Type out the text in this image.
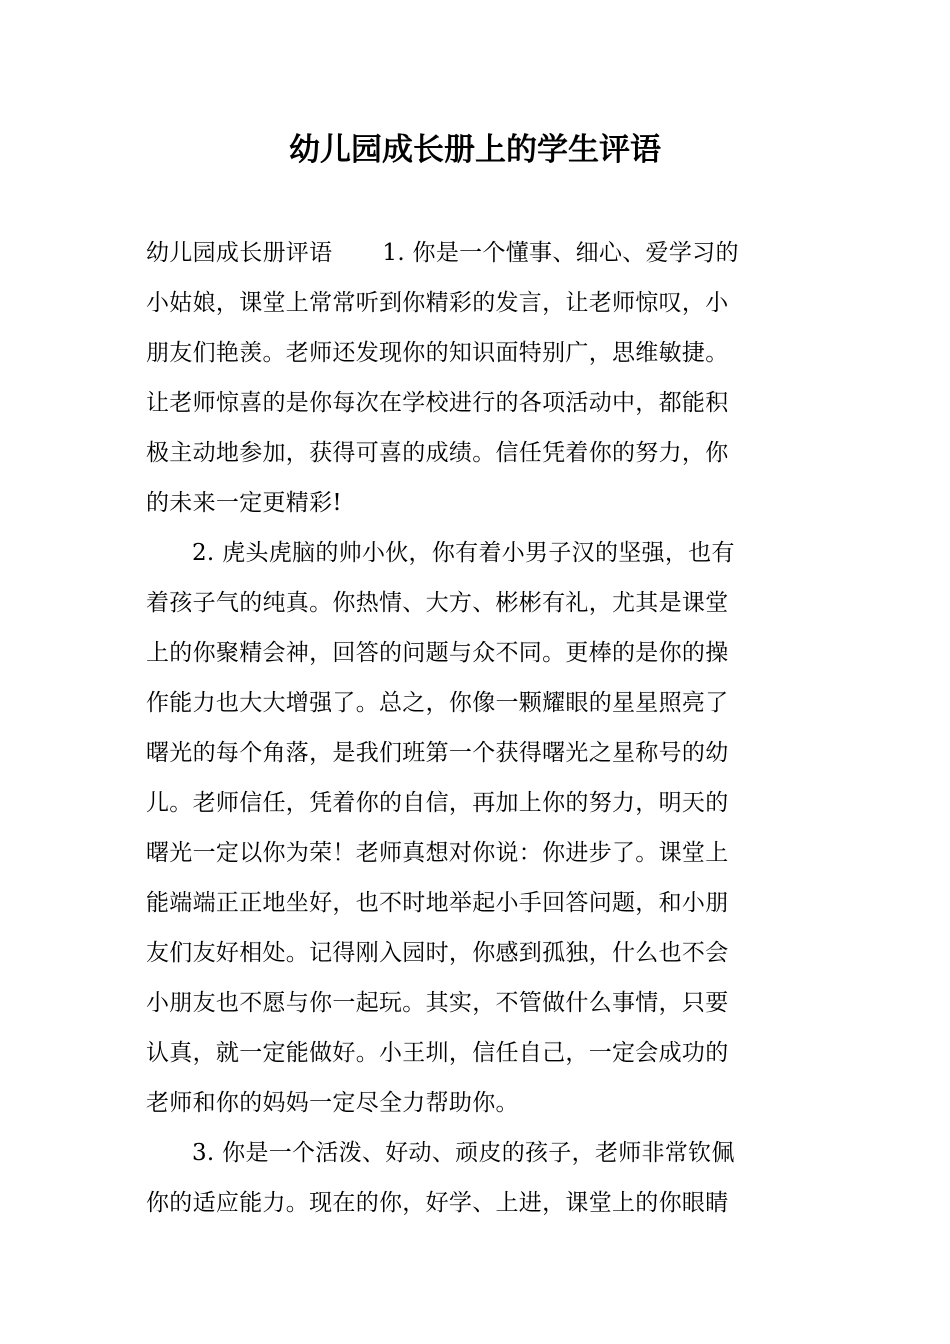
幼儿园成长册上的学生评语
幼儿园成长册评语 1. 你是一个懂事、细心、爱学习的
小姑娘，课堂上常常听到你精彩的发言，让老师惊叹，小
朋友们艳羡。老师还发现你的知识面特别广，思维敏捷。
让老师惊喜的是你每次在学校进行的各项活动中，都能积
极主动地参加，获得可喜的成绩。信任凭着你的努力，你
的未来一定更精彩!
2. 虎头虎脑的帅小伙，你有着小男子汉的坚强，也有
着孩子气的纯真。你热情、大方、彬彬有礼，尤其是课堂
上的你聚精会神，回答的问题与众不同。更棒的是你的操
作能力也大大增强了。总之，你像一颗耀眼的星星照亮了
曙光的每个角落，是我们班第一个获得曙光之星称号的幼
儿。老师信任，凭着你的自信，再加上你的努力，明天的
曙光一定以你为荣！老师真想对你说：你进步了。课堂上
能端端正正地坐好，也不时地举起小手回答问题，和小朋
友们友好相处。记得刚入园时，你感到孤独，什么也不会
小朋友也不愿与你一起玩。其实，不管做什么事情，只要
认真，就一定能做好。小王圳，信任自己，一定会成功的
老师和你的妈妈一定尽全力帮助你。
3. 你是一个活泼、好动、顽皮的孩子，老师非常钦佩
你的适应能力。现在的你，好学、上进，课堂上的你眼睛
